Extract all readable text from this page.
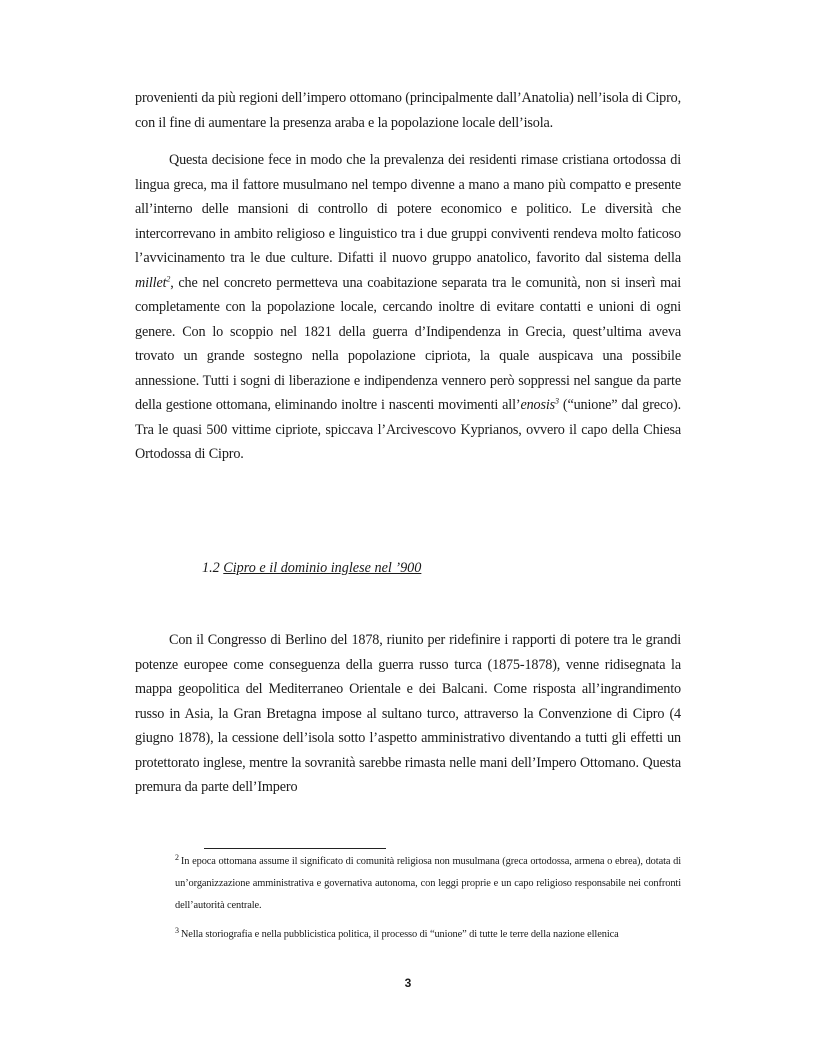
provenienti da più regioni dell’impero ottomano (principalmente dall’Anatolia) nell’isola di Cipro, con il fine di aumentare la presenza araba e la popolazione locale dell’isola.

Questa decisione fece in modo che la prevalenza dei residenti rimase cristiana ortodossa di lingua greca, ma il fattore musulmano nel tempo divenne a mano a mano più compatto e presente all’interno delle mansioni di controllo di potere economico e politico. Le diversità che intercorrevano in ambito religioso e linguistico tra i due gruppi conviventi rendeva molto faticoso l’avvicinamento tra le due culture. Difatti il nuovo gruppo anatolico, favorito dal sistema della millet$^2$, che nel concreto permetteva una coabitazione separata tra le comunità, non si inserì mai completamente con la popolazione locale, cercando inoltre di evitare contatti e unioni di ogni genere. Con lo scoppio nel 1821 della guerra d’Indipendenza in Grecia, quest’ultima aveva trovato un grande sostegno nella popolazione cipriota, la quale auspicava una possibile annessione. Tutti i sogni di liberazione e indipendenza vennero però soppressi nel sangue da parte della gestione ottomana, eliminando inoltre i nascenti movimenti all’enosis$^3$ (“unione” dal greco). Tra le quasi 500 vittime cipriote, spiccava l’Arcivescovo Kyprianos, ovvero il capo della Chiesa Ortodossa di Cipro.

1.2 Cipro e il dominio inglese nel ’900

Con il Congresso di Berlino del 1878, riunito per ridefinire i rapporti di potere tra le grandi potenze europee come conseguenza della guerra russo turca (1875-1878), venne ridisegnata la mappa geopolitica del Mediterraneo Orientale e dei Balcani. Come risposta all’ingrandimento russo in Asia, la Gran Bretagna impose al sultano turco, attraverso la Convenzione di Cipro (4 giugno 1878), la cessione dell’isola sotto l’aspetto amministrativo diventando a tutti gli effetti un protettorato inglese, mentre la sovranità sarebbe rimasta nelle mani dell’Impero Ottomano. Questa premura da parte dell’Impero

$^2$ In epoca ottomana assume il significato di comunità religiosa non musulmana (greca ortodossa, armena o ebrea), dotata di un’organizzazione amministrativa e governativa autonoma, con leggi proprie e un capo religioso responsabile nei confronti dell’autorità centrale.

$^3$ Nella storiografia e nella pubblicistica politica, il processo di “unione” di tutte le terre della nazione ellenica

3
